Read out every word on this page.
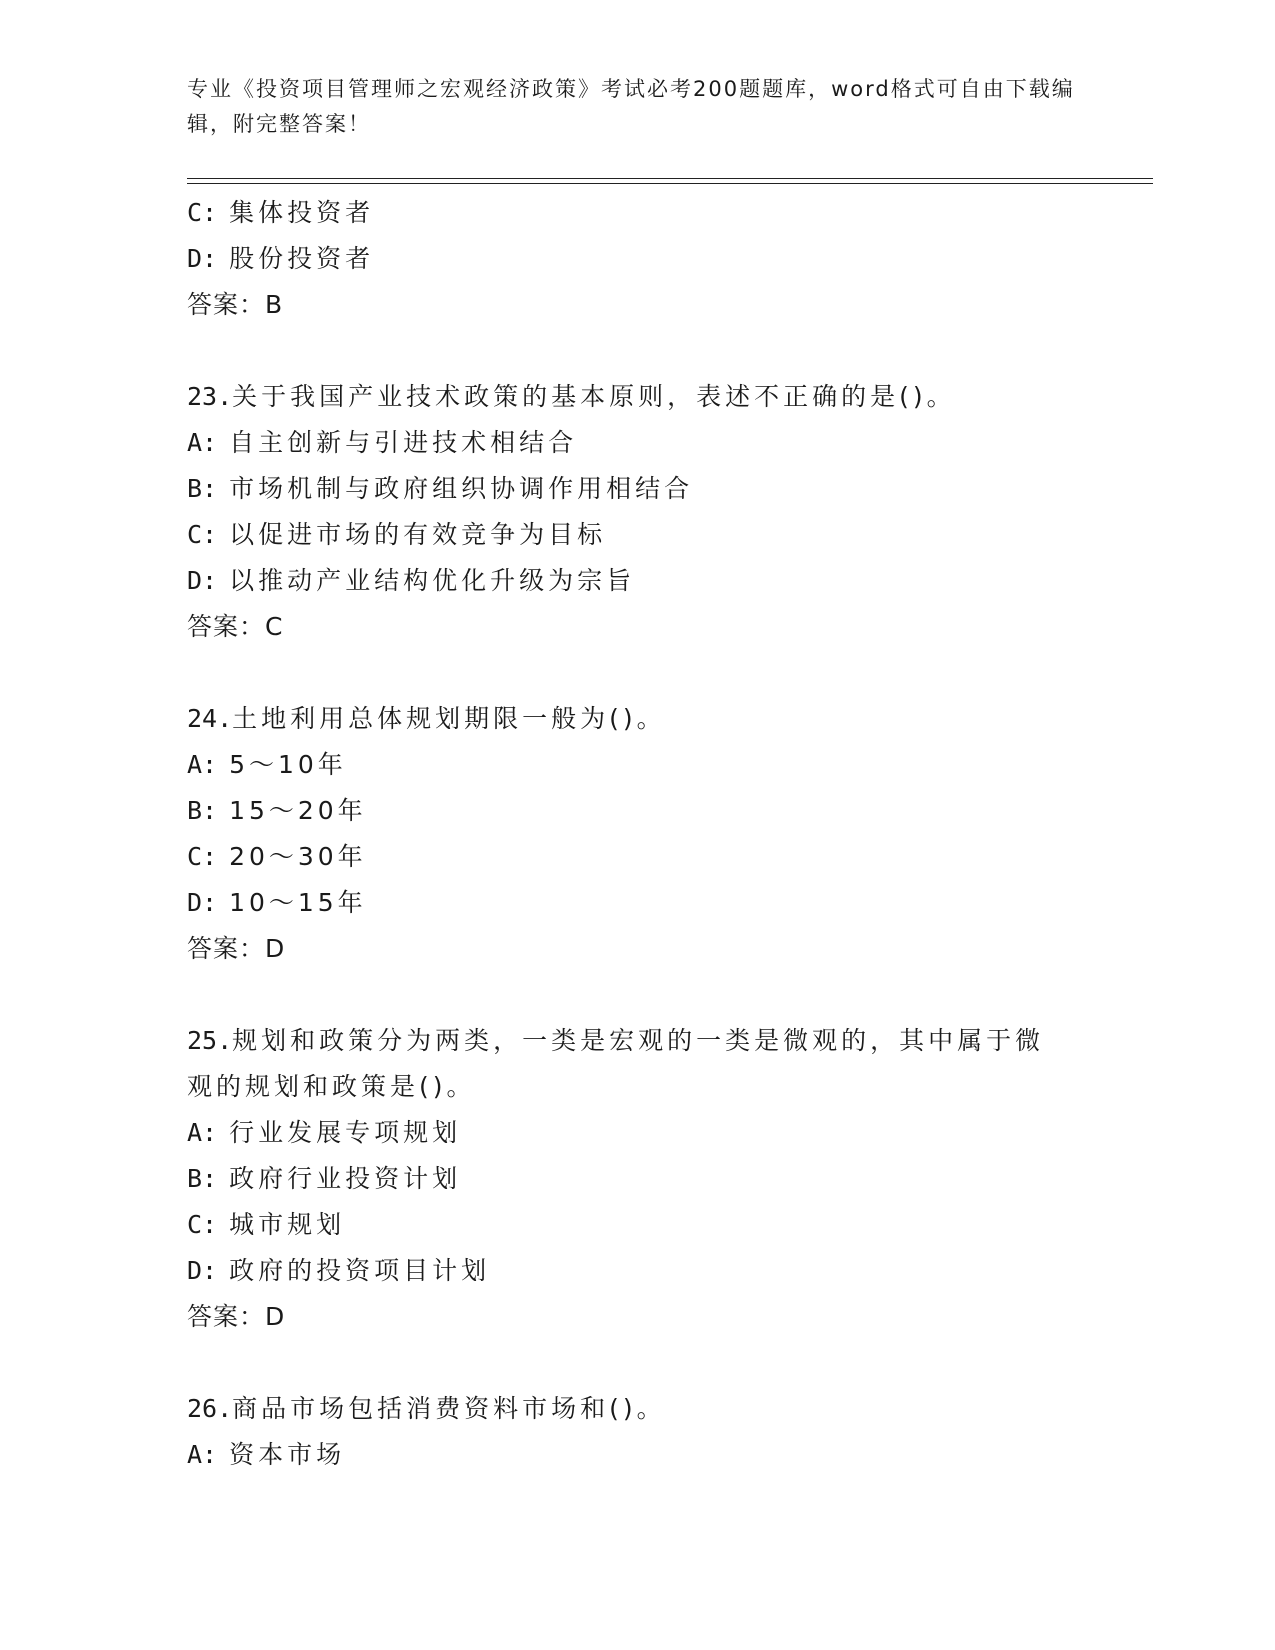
专业《投资项目管理师之宏观经济政策》考试必考200题题库，word格式可自由下载编辑，附完整答案！
C: 集体投资者
D: 股份投资者
答案：B
23.关于我国产业技术政策的基本原则，表述不正确的是()。
A: 自主创新与引进技术相结合
B: 市场机制与政府组织协调作用相结合
C: 以促进市场的有效竞争为目标
D: 以推动产业结构优化升级为宗旨
答案：C
24.土地利用总体规划期限一般为()。
A: 5～10年
B: 15～20年
C: 20～30年
D: 10～15年
答案：D
25.规划和政策分为两类，一类是宏观的一类是微观的，其中属于微观的规划和政策是()。
A: 行业发展专项规划
B: 政府行业投资计划
C: 城市规划
D: 政府的投资项目计划
答案：D
26.商品市场包括消费资料市场和()。
A: 资本市场
